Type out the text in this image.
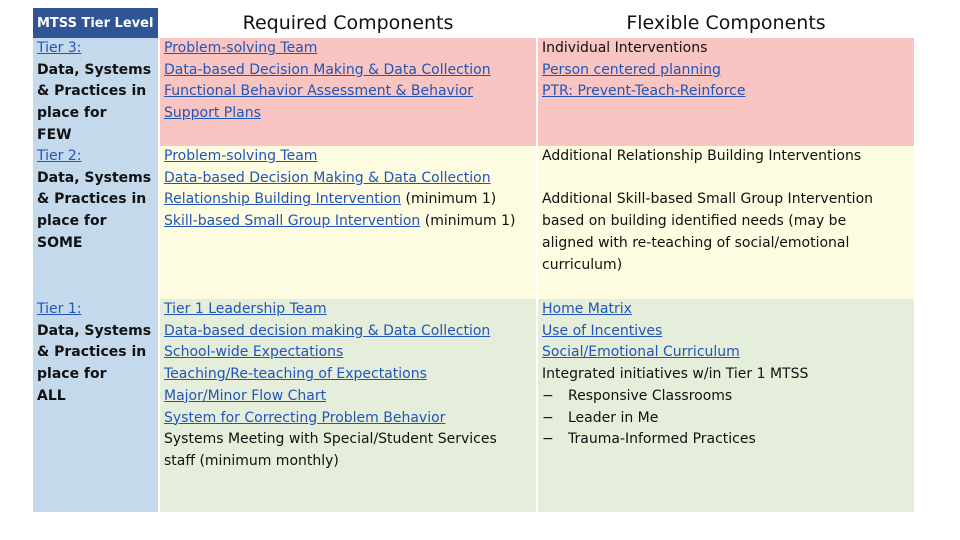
MTSS Tier Level	Required Components	Flexible Components
Tier 3:
Data, Systems
& Practices in
place for
FEW
Problem-solving Team
Data-based Decision Making & Data Collection
Functional Behavior Assessment & Behavior
Support Plans
Individual Interventions
Person centered planning
PTR: Prevent-Teach-Reinforce
Tier 2:
Data, Systems
& Practices in
place for
SOME
Problem-solving Team
Data-based Decision Making & Data Collection
Relationship Building Intervention (minimum 1)
Skill-based Small Group Intervention (minimum 1)
Additional Relationship Building Interventions
Additional Skill-based Small Group Intervention
based on building identified needs (may be
aligned with re-teaching of social/emotional
curriculum)
Tier 1:
Data, Systems
& Practices in
place for
ALL
Tier 1 Leadership Team
Data-based decision making & Data Collection
School-wide Expectations
Teaching/Re-teaching of Expectations
Major/Minor Flow Chart
System for Correcting Problem Behavior
Systems Meeting with Special/Student Services
staff (minimum monthly)
Home Matrix
Use of Incentives
Social/Emotional Curriculum
Integrated initiatives w/in Tier 1 MTSS
− Responsive Classrooms
− Leader in Me
− Trauma-Informed Practices
